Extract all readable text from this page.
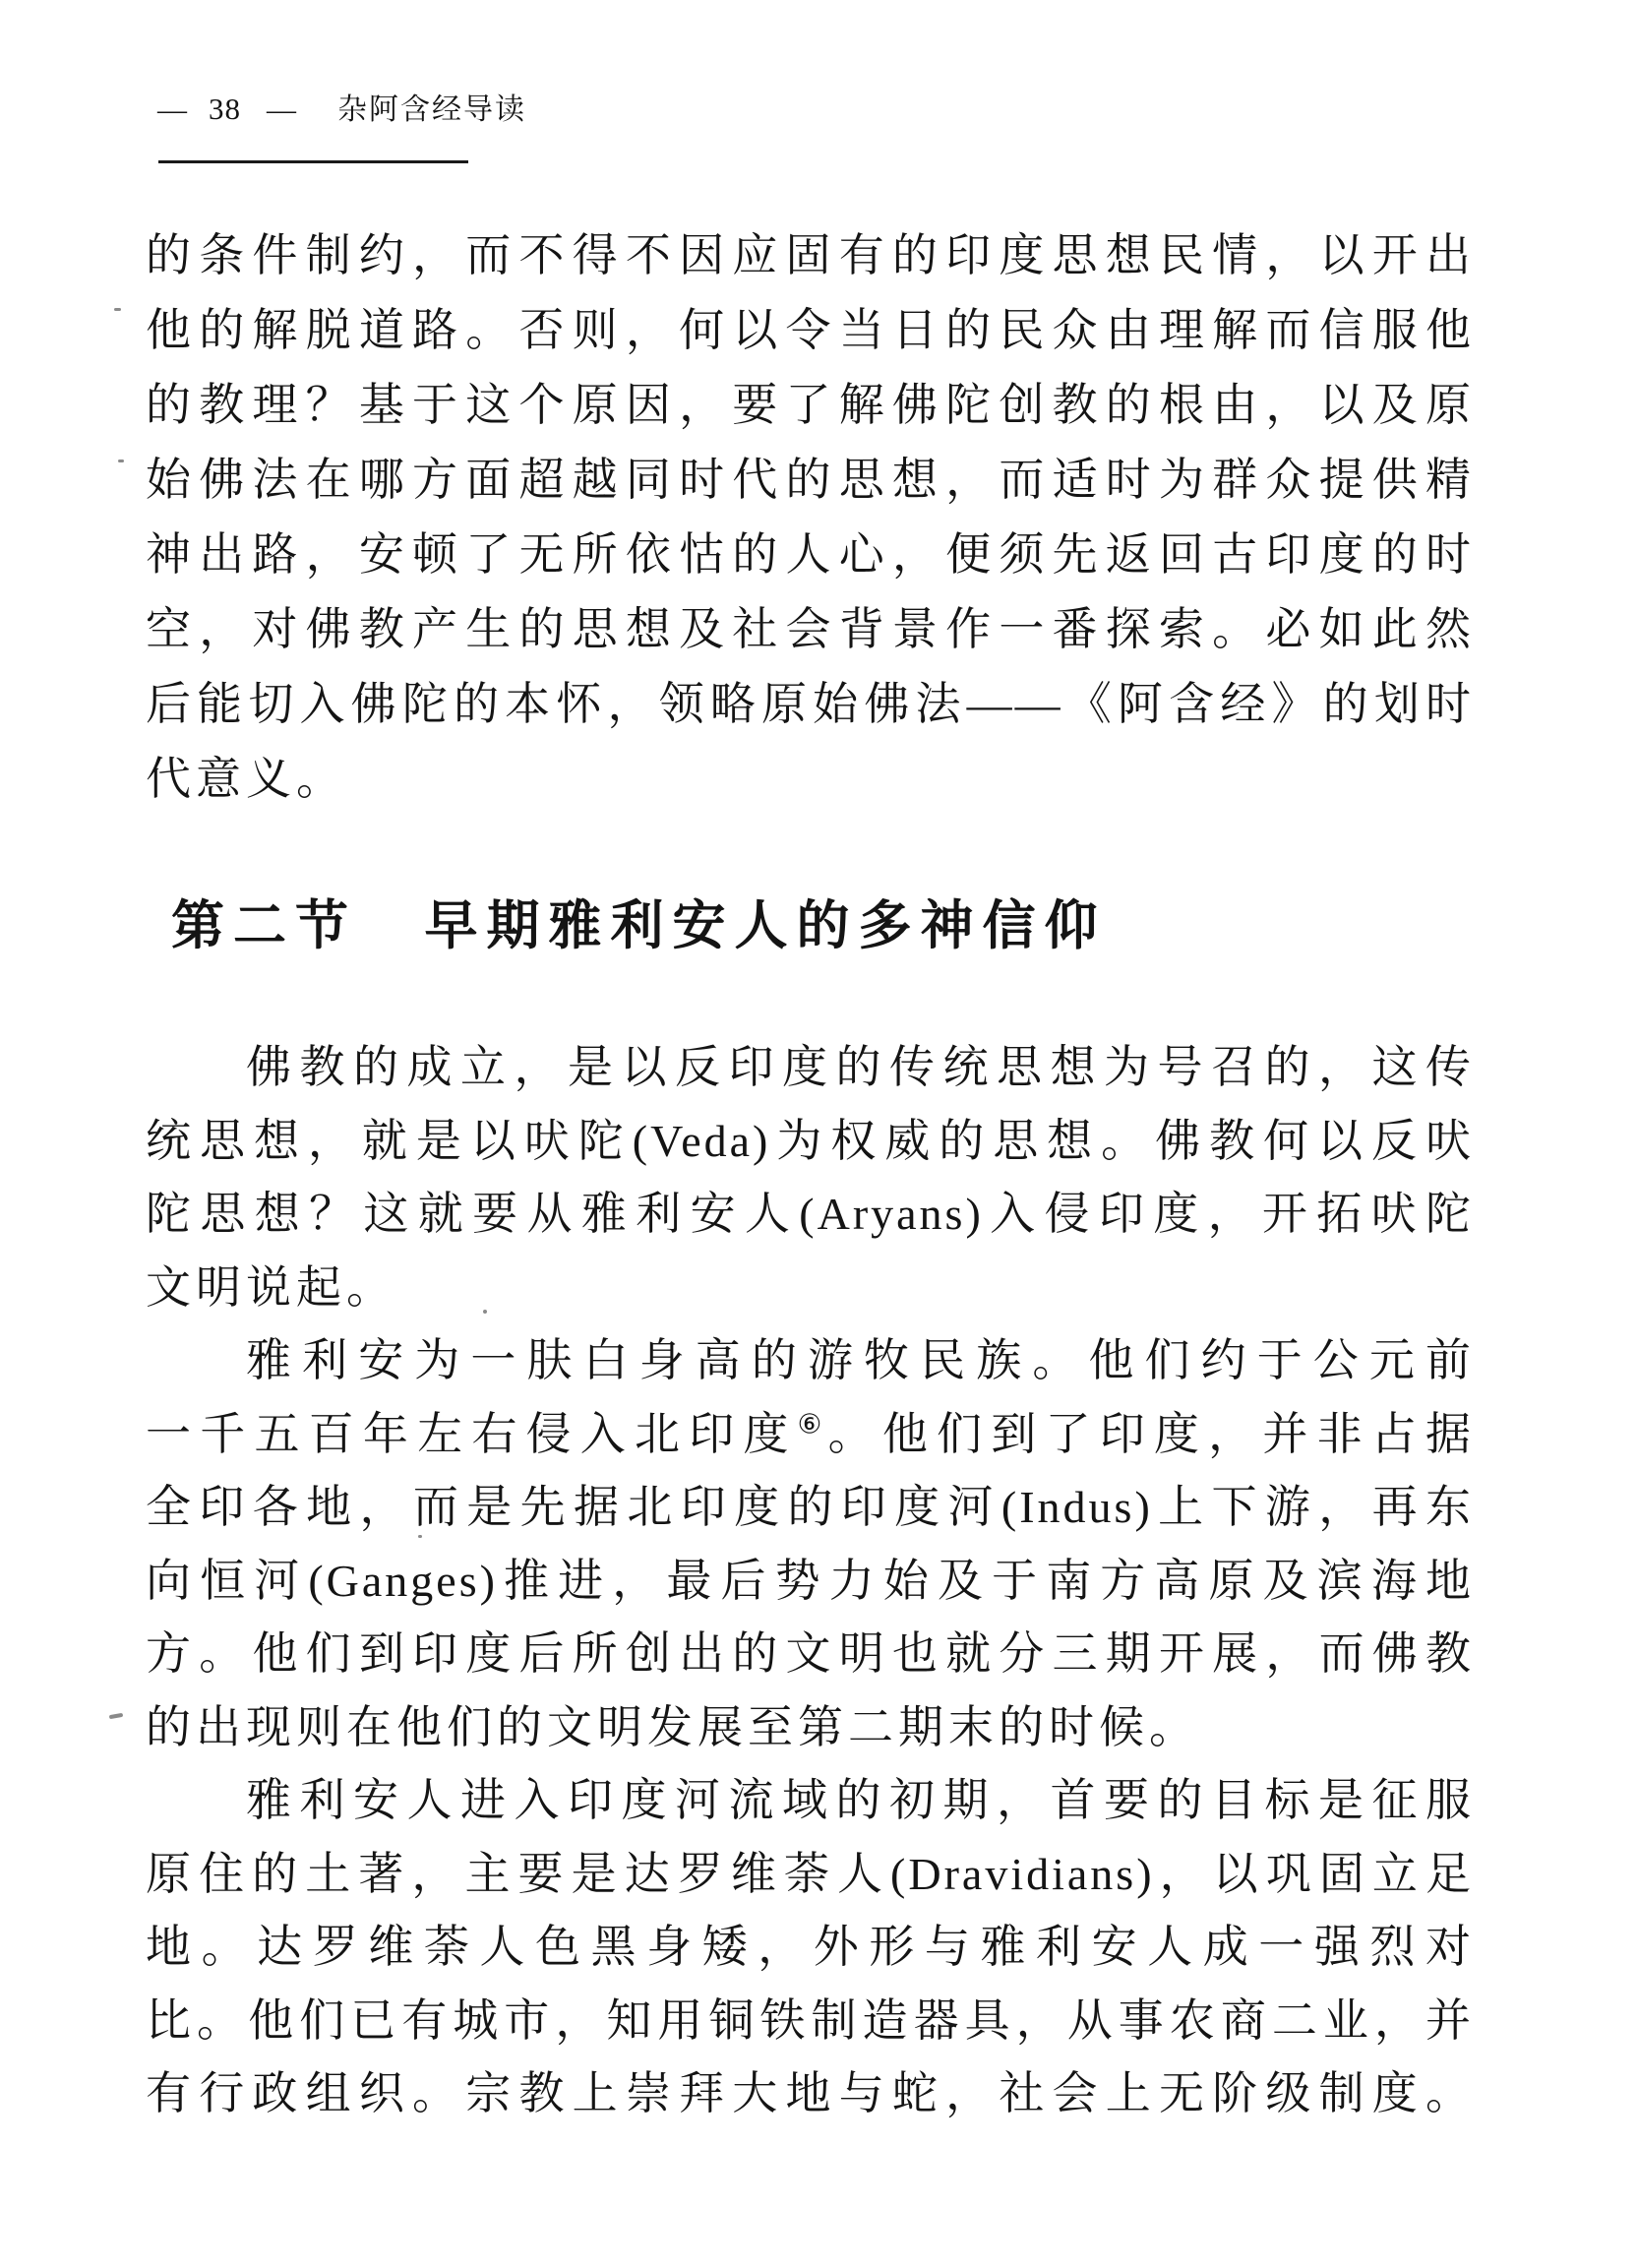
— 38 — 杂阿含经导读
的条件制约，而不得不因应固有的印度思想民情，以开出
他的解脱道路。否则，何以令当日的民众由理解而信服他
的教理？基于这个原因，要了解佛陀创教的根由，以及原
始佛法在哪方面超越同时代的思想，而适时为群众提供精
神出路，安顿了无所依怙的人心，便须先返回古印度的时
空，对佛教产生的思想及社会背景作一番探索。必如此然
后能切入佛陀的本怀，领略原始佛法——《阿含经》的划时
代意义。
第二节 早期雅利安人的多神信仰
佛教的成立，是以反印度的传统思想为号召的，这传
统思想，就是以吠陀(Veda)为权威的思想。佛教何以反吠
陀思想？这就要从雅利安人(Aryans)入侵印度，开拓吠陀
文明说起。
雅利安为一肤白身高的游牧民族。他们约于公元前
一千五百年左右侵入北印度⑥。他们到了印度，并非占据
全印各地，而是先据北印度的印度河(Indus)上下游，再东
向恒河(Ganges)推进，最后势力始及于南方高原及滨海地
方。他们到印度后所创出的文明也就分三期开展，而佛教
的出现则在他们的文明发展至第二期末的时候。
雅利安人进入印度河流域的初期，首要的目标是征服
原住的土著，主要是达罗维荼人(Dravidians)，以巩固立足
地。达罗维荼人色黑身矮，外形与雅利安人成一强烈对
比。他们已有城市，知用铜铁制造器具，从事农商二业，并
有行政组织。宗教上崇拜大地与蛇，社会上无阶级制度。
